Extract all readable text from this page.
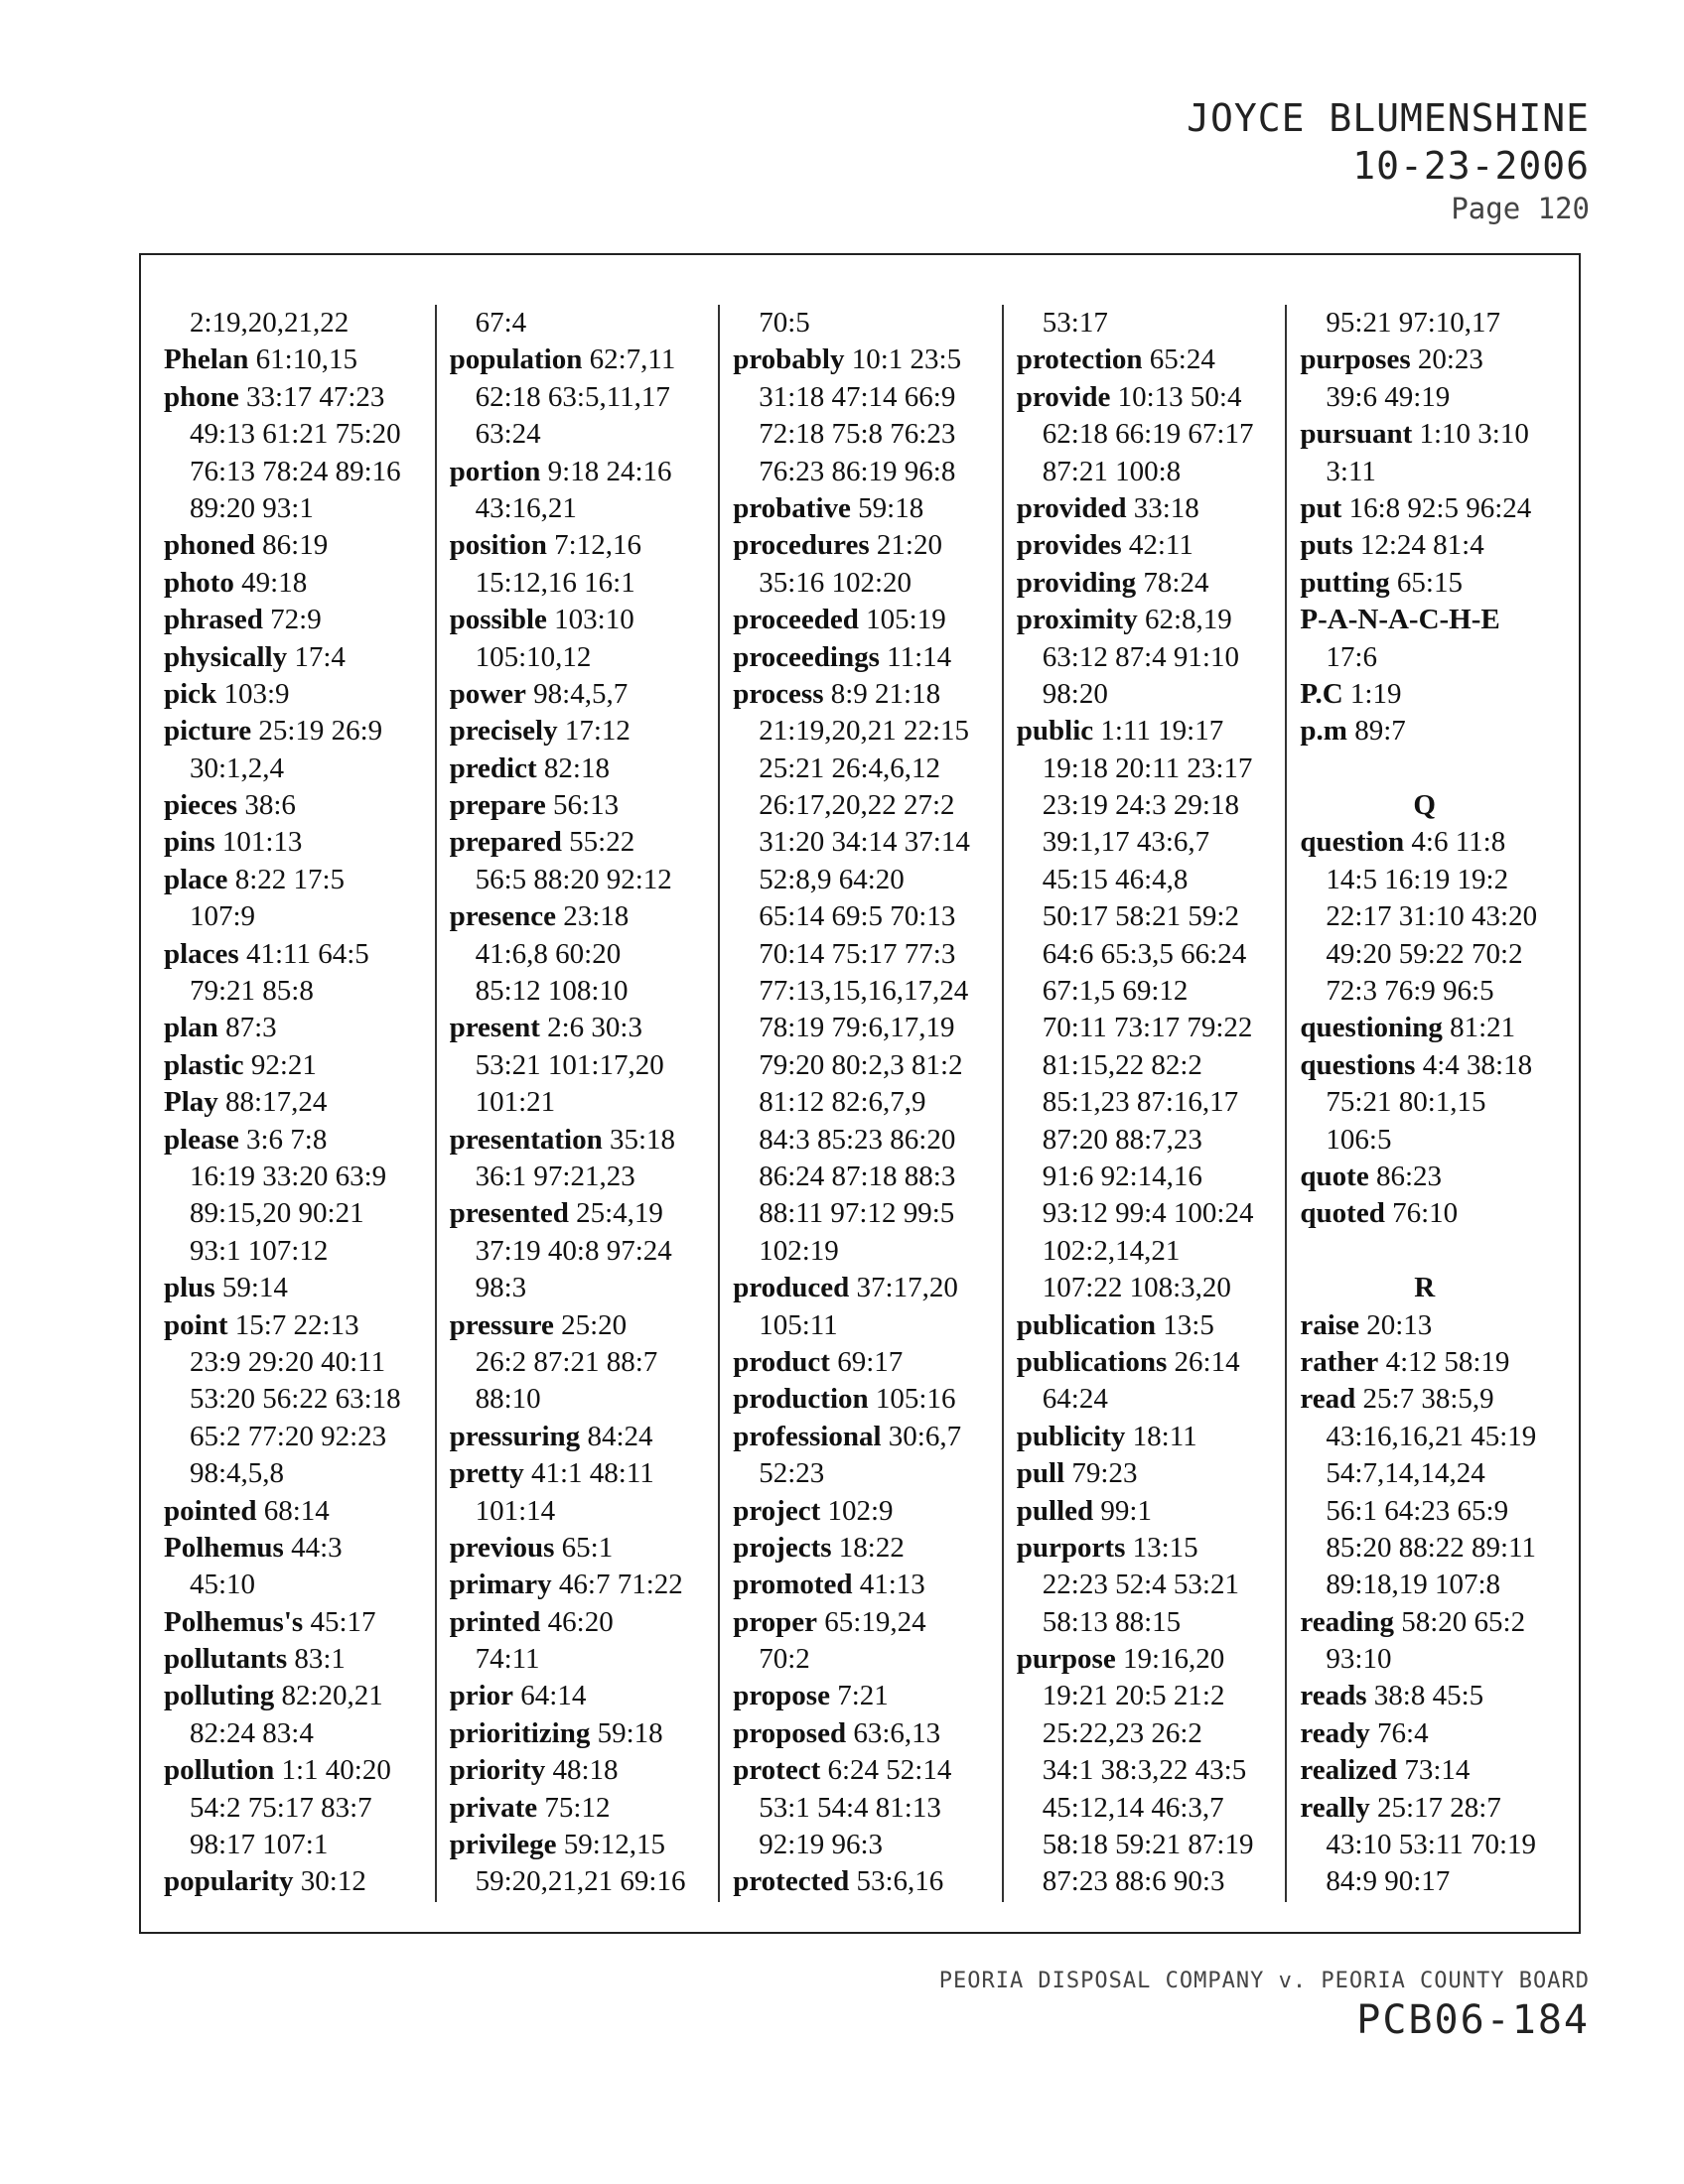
JOYCE BLUMENSHINE
10-23-2006
Page 120
2:19,20,21,22
Phelan 61:10,15
phone 33:17 47:23
49:13 61:21 75:20
76:13 78:24 89:16
89:20 93:1
phoned 86:19
photo 49:18
phrased 72:9
physically 17:4
pick 103:9
picture 25:19 26:9
30:1,2,4
pieces 38:6
pins 101:13
place 8:22 17:5
107:9
places 41:11 64:5
79:21 85:8
plan 87:3
plastic 92:21
Play 88:17,24
please 3:6 7:8
16:19 33:20 63:9
89:15,20 90:21
93:1 107:12
plus 59:14
point 15:7 22:13
23:9 29:20 40:11
53:20 56:22 63:18
65:2 77:20 92:23
98:4,5,8
pointed 68:14
Polhemus 44:3
45:10
Polhemus's 45:17
pollutants 83:1
polluting 82:20,21
82:24 83:4
pollution 1:1 40:20
54:2 75:17 83:7
98:17 107:1
popularity 30:12
67:4
population 62:7,11
62:18 63:5,11,17
63:24
portion 9:18 24:16
43:16,21
position 7:12,16
15:12,16 16:1
possible 103:10
105:10,12
power 98:4,5,7
precisely 17:12
predict 82:18
prepare 56:13
prepared 55:22
56:5 88:20 92:12
presence 23:18
41:6,8 60:20
85:12 108:10
present 2:6 30:3
53:21 101:17,20
101:21
presentation 35:18
36:1 97:21,23
presented 25:4,19
37:19 40:8 97:24
98:3
pressure 25:20
26:2 87:21 88:7
88:10
pressuring 84:24
pretty 41:1 48:11
101:14
previous 65:1
primary 46:7 71:22
printed 46:20
74:11
prior 64:14
prioritizing 59:18
priority 48:18
private 75:12
privilege 59:12,15
59:20,21,21 69:16
70:5
probably 10:1 23:5
31:18 47:14 66:9
72:18 75:8 76:23
76:23 86:19 96:8
probative 59:18
procedures 21:20
35:16 102:20
proceeded 105:19
proceedings 11:14
process 8:9 21:18
21:19,20,21 22:15
25:21 26:4,6,12
26:17,20,22 27:2
31:20 34:14 37:14
52:8,9 64:20
65:14 69:5 70:13
70:14 75:17 77:3
77:13,15,16,17,24
78:19 79:6,17,19
79:20 80:2,3 81:2
81:12 82:6,7,9
84:3 85:23 86:20
86:24 87:18 88:3
88:11 97:12 99:5
102:19
produced 37:17,20
105:11
product 69:17
production 105:16
professional 30:6,7
52:23
project 102:9
projects 18:22
promoted 41:13
proper 65:19,24
70:2
propose 7:21
proposed 63:6,13
protect 6:24 52:14
53:1 54:4 81:13
92:19 96:3
protected 53:6,16
53:17
protection 65:24
provide 10:13 50:4
62:18 66:19 67:17
87:21 100:8
provided 33:18
provides 42:11
providing 78:24
proximity 62:8,19
63:12 87:4 91:10
98:20
public 1:11 19:17
19:18 20:11 23:17
23:19 24:3 29:18
39:1,17 43:6,7
45:15 46:4,8
50:17 58:21 59:2
64:6 65:3,5 66:24
67:1,5 69:12
70:11 73:17 79:22
81:15,22 82:2
85:1,23 87:16,17
87:20 88:7,23
91:6 92:14,16
93:12 99:4 100:24
102:2,14,21
107:22 108:3,20
publication 13:5
publications 26:14
64:24
publicity 18:11
pull 79:23
pulled 99:1
purports 13:15
22:23 52:4 53:21
58:13 88:15
purpose 19:16,20
19:21 20:5 21:2
25:22,23 26:2
34:1 38:3,22 43:5
45:12,14 46:3,7
58:18 59:21 87:19
87:23 88:6 90:3
95:21 97:10,17
purposes 20:23
39:6 49:19
pursuant 1:10 3:10
3:11
put 16:8 92:5 96:24
puts 12:24 81:4
putting 65:15
P-A-N-A-C-H-E
17:6
P.C 1:19
p.m 89:7
Q
question 4:6 11:8
14:5 16:19 19:2
22:17 31:10 43:20
49:20 59:22 70:2
72:3 76:9 96:5
questioning 81:21
questions 4:4 38:18
75:21 80:1,15
106:5
quote 86:23
quoted 76:10
R
raise 20:13
rather 4:12 58:19
read 25:7 38:5,9
43:16,16,21 45:19
54:7,14,14,24
56:1 64:23 65:9
85:20 88:22 89:11
89:18,19 107:8
reading 58:20 65:2
93:10
reads 38:8 45:5
ready 76:4
realized 73:14
really 25:17 28:7
43:10 53:11 70:19
84:9 90:17
PEORIA DISPOSAL COMPANY v. PEORIA COUNTY BOARD
PCB06-184
